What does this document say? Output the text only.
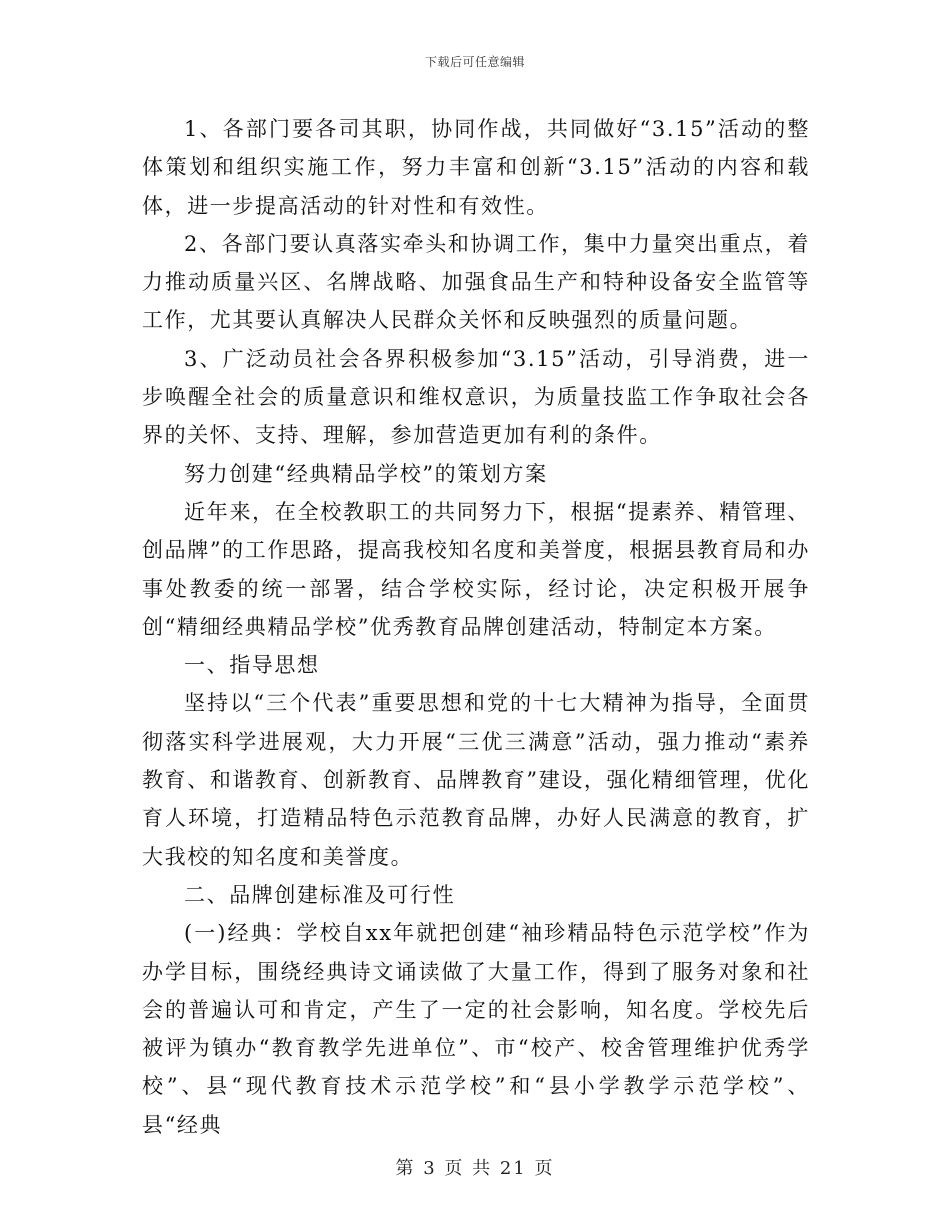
下载后可任意编辑

1、各部门要各司其职，协同作战，共同做好“3.15”活动的整体策划和组织实施工作，努力丰富和创新“3.15”活动的内容和载体，进一步提高活动的针对性和有效性。

2、各部门要认真落实牵头和协调工作，集中力量突出重点，着力推动质量兴区、名牌战略、加强食品生产和特种设备安全监管等工作，尤其要认真解决人民群众关怀和反映强烈的质量问题。

3、广泛动员社会各界积极参加“3.15”活动，引导消费，进一步唤醒全社会的质量意识和维权意识，为质量技监工作争取社会各界的关怀、支持、理解，参加营造更加有利的条件。

努力创建“经典精品学校”的策划方案

近年来，在全校教职工的共同努力下，根据“提素养、精管理、创品牌”的工作思路，提高我校知名度和美誉度，根据县教育局和办事处教委的统一部署，结合学校实际，经讨论，决定积极开展争创“精细经典精品学校”优秀教育品牌创建活动，特制定本方案。

一、指导思想

坚持以“三个代表”重要思想和党的十七大精神为指导，全面贯彻落实科学进展观，大力开展“三优三满意”活动，强力推动“素养教育、和谐教育、创新教育、品牌教育”建设，强化精细管理，优化育人环境，打造精品特色示范教育品牌，办好人民满意的教育，扩大我校的知名度和美誉度。

二、品牌创建标准及可行性

(一)经典：学校自xx年就把创建“袖珍精品特色示范学校”作为办学目标，围绕经典诗文诵读做了大量工作，得到了服务对象和社会的普遍认可和肯定，产生了一定的社会影响，知名度。学校先后被评为镇办“教育教学先进单位”、市“校产、校舍管理维护优秀学校”、县“现代教育技术示范学校”和“县小学教学示范学校”、 县“经典

第 3 页 共 21 页
